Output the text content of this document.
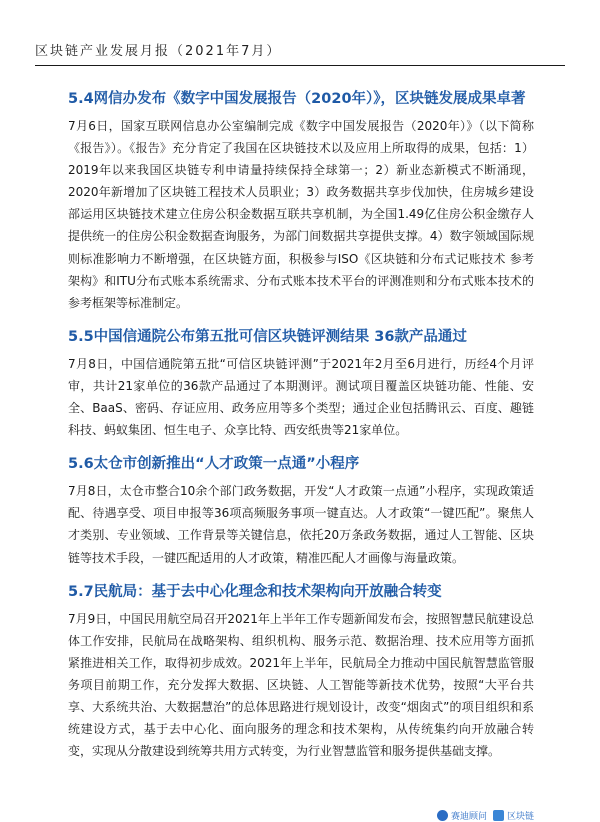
区块链产业发展月报（2021年7月）
5.4网信办发布《数字中国发展报告（2020年）》，区块链发展成果卓著

7月6日，国家互联网信息办公室编制完成《数字中国发展报告（2020年）》（以下简称《报告》）。《报告》充分肯定了我国在区块链技术以及应用上所取得的成果，包括：1）2019年以来我国区块链专利申请量持续保持全球第一；2）新业态新模式不断涌现，2020年新增加了区块链工程技术人员职业；3）政务数据共享步伐加快，住房城乡建设部运用区块链技术建立住房公积金数据互联共享机制，为全国1.49亿住房公积金缴存人提供统一的住房公积金数据查询服务，为部门间数据共享提供支撑。4）数字领域国际规则标准影响力不断增强，在区块链方面，积极参与ISO《区块链和分布式记账技术 参考架构》和ITU分布式账本系统需求、分布式账本技术平台的评测准则和分布式账本技术的参考框架等标准制定。

5.5中国信通院公布第五批可信区块链评测结果 36款产品通过

7月8日，中国信通院第五批“可信区块链评测”于2021年2月至6月进行，历经4个月评审，共计21家单位的36款产品通过了本期测评。测试项目覆盖区块链功能、性能、安全、BaaS、密码、存证应用、政务应用等多个类型；通过企业包括腾讯云、百度、趣链科技、蚂蚁集团、恒生电子、众享比特、西安纸贵等21家单位。

5.6太仓市创新推出“人才政策一点通”小程序

7月8日，太仓市整合10余个部门政务数据，开发“人才政策一点通”小程序，实现政策适配、待遇享受、项目申报等36项高频服务事项一键直达。人才政策“一键匹配”。聚焦人才类别、专业领域、工作背景等关键信息，依托20万条政务数据，通过人工智能、区块链等技术手段，一键匹配适用的人才政策，精准匹配人才画像与海量政策。

5.7民航局：基于去中心化理念和技术架构向开放融合转变

7月9日，中国民用航空局召开2021年上半年工作专题新闻发布会，按照智慧民航建设总体工作安排，民航局在战略架构、组织机构、服务示范、数据治理、技术应用等方面抓紧推进相关工作，取得初步成效。2021年上半年，民航局全力推动中国民航智慧监管服务项目前期工作，充分发挥大数据、区块链、人工智能等新技术优势，按照“大平台共享、大系统共治、大数据慧治”的总体思路进行规划设计，改变“烟囱式”的项目组织和系统建设方式，基于去中心化、面向服务的理念和技术架构，从传统集约向开放融合转变，实现从分散建设到统筹共用方式转变，为行业智慧监管和服务提供基础支撑。

赛迪顾问 区块链
